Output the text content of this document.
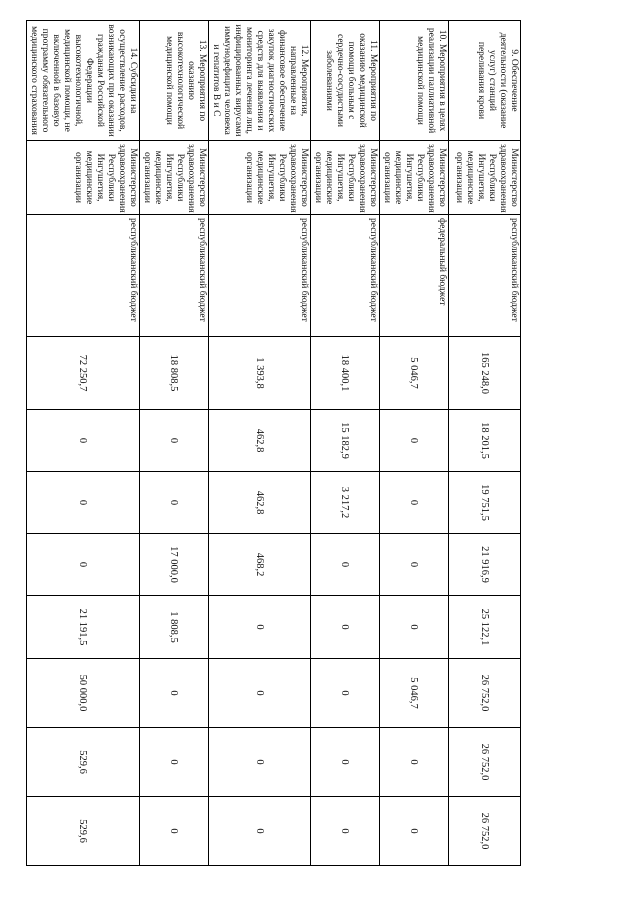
9. Обеспечение деятельности (оказание услуг) станций переливания крови	Министерство здравоохранения Республики Ингушетия, медицинские организации	республиканский бюджет	165 248,0	18 201,5	19 751,5	21 916,9	25 122,1	26 752,0	26 752,0	26 752,0
10. Мероприятия в целях реализации паллиативной медицинской помощи	Министерство здравоохранения Республики Ингушетия, медицинские организации	федеральный бюджет	5 046,7	0	0	0	0	5 046,7	0	0
11. Мероприятия по оказанию медицинской помощи больным с сердечно-сосудистыми заболеваниями	Министерство здравоохранения Республики Ингушетия, медицинские организации	республиканский бюджет	18 400,1	15 182,9	3 217,2	0	0	0	0	0
12. Мероприятия, направленные на финансовое обеспечение закупок диагностических средств для выявления и мониторинга лечения лиц, инфицированных вирусами иммунодефицита человека и гепатитов B и C	Министерство здравоохранения Республики Ингушетия, медицинские организации	республиканский бюджет	1 393,8	462,8	462,8	468,2	0	0	0	0
13. Мероприятия по оказанию высокотехнологической медицинской помощи	Министерство здравоохранения Республики Ингушетия, медицинские организации	республиканский бюджет	18 808,5	0	0	17 000,0	1 808,5	0	0	0
14. Субсидии на осуществление расходов, возникающих при оказании гражданам Российской Федерации высокотехнологичной, медицинской помощи, не включенной в базовую программу обязательного медицинского страхования	Министерство здравоохранения Республики Ингушетия, медицинские организации	республиканский бюджет	72 250,7	0	0	0	21 191,5	50 000,0	529,6	529,6
